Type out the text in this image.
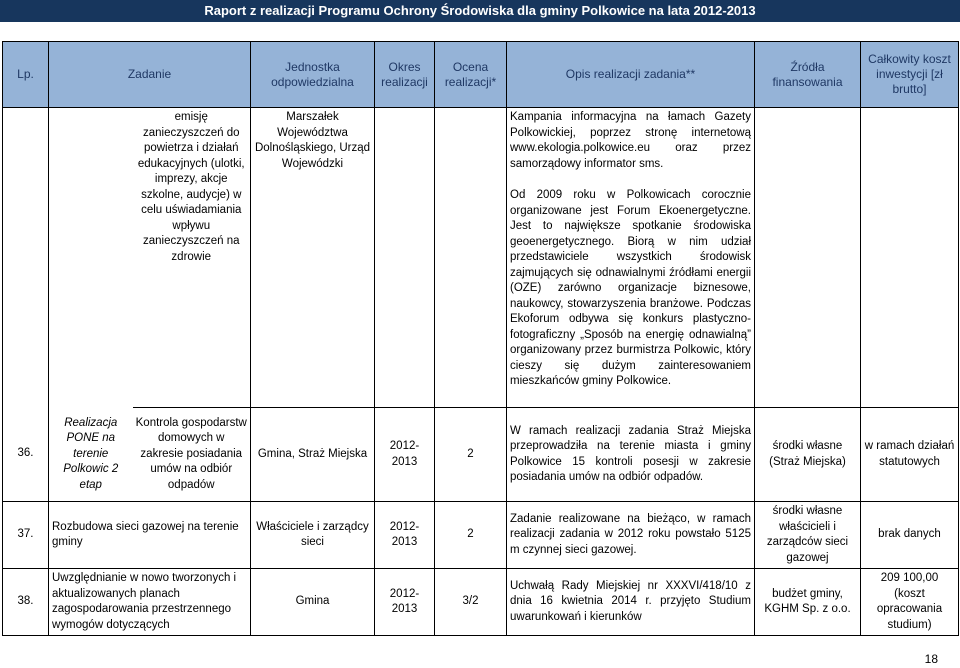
Raport z realizacji Programu Ochrony Środowiska dla gminy Polkowice na lata 2012-2013
Lp.	Zadanie		Jednostka odpowiedzialna	Okres realizacji	Ocena realizacji*	Opis realizacji zadania**	Źródła finansowania	Całkowity koszt inwestycji [zł brutto]
36.	Realizacja PONE na terenie Polkowic 2 etap	emisję zanieczyszczeń do powietrza i działań edukacyjnych (ulotki, imprezy, akcje szkolne, audycje) w celu uświadamiania wpływu zanieczyszczeń na zdrowie	Marszałek Województwa Dolnośląskiego, Urząd Wojewódzki			Kampania informacyjna na łamach Gazety Polkowickiej, poprzez stronę internetową www.ekologia.polkowice.eu oraz przez samorządowy informator sms.

Od 2009 roku w Polkowicach corocznie organizowane jest Forum Ekoenergetyczne. Jest to największe spotkanie środowiska geoenergetycznego. Biorą w nim udział przedstawiciele wszystkich środowisk zajmujących się odnawialnymi źródłami energii (OZE) zarówno organizacje biznesowe, naukowcy, stowarzyszenia branżowe. Podczas Ekoforum odbywa się konkurs plastyczno- fotograficzny „Sposób na energię odnawialną” organizowany przez burmistrza Polkowic, który cieszy się dużym zainteresowaniem mieszkańców gminy Polkowice.		

		Kontrola gospodarstw domowych w zakresie posiadania umów na odbiór odpadów	Gmina, Straż Miejska	2012-2013	2	W ramach realizacji zadania Straż Miejska przeprowadziła na terenie miasta i gminy Polkowice 15 kontroli posesji w zakresie posiadania umów na odbiór odpadów.	środki własne (Straż Miejska)	w ramach działań statutowych
37.	Rozbudowa sieci gazowej na terenie gminy		Właściciele i zarządcy sieci	2012-2013	2	Zadanie realizowane na bieżąco, w ramach realizacji zadania w 2012 roku powstało 5125 m czynnej sieci gazowej.	środki własne właścicieli i zarządców sieci gazowej	brak danych
38.	Uwzględnianie w nowo tworzonych i aktualizowanych planach zagospodarowania przestrzennego wymogów dotyczących		Gmina	2012-2013	3/2	Uchwałą Rady Miejskiej nr XXXVI/418/10 z dnia 16 kwietnia 2014 r. przyjęto Studium uwarunkowań i kierunków	budżet gminy, KGHM Sp. z o.o.	209 100,00 (koszt opracowania studium)
18
